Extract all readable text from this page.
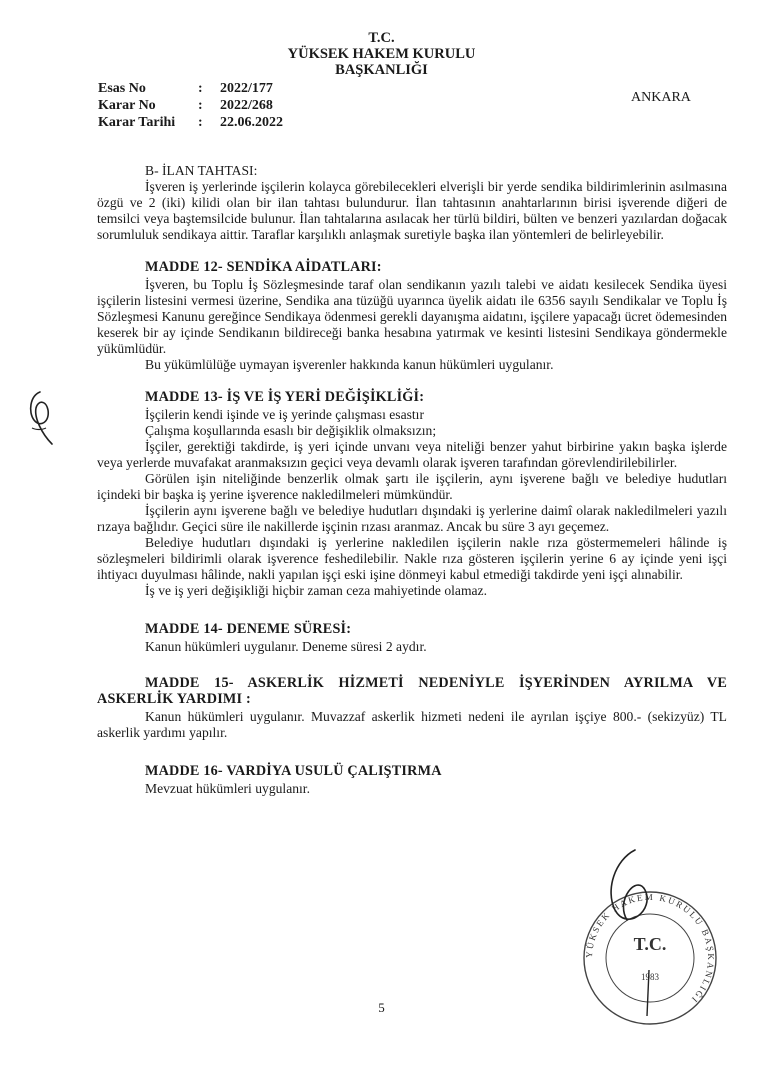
T.C.
YÜKSEK HAKEM KURULU
BAŞKANLIĞI
Esas No	:	2022/177
Karar No	:	2022/268
Karar Tarihi	:	22.06.2022
ANKARA

B- İLAN TAHTASI:

İşveren iş yerlerinde işçilerin kolayca görebilecekleri elverişli bir yerde sendika bildirimlerinin asılmasına özgü ve 2 (iki) kilidi olan bir ilan tahtası bulundurur. İlan tahtasının anahtarlarının birisi işverende diğeri de temsilci veya baştemsilcide bulunur. İlan tahtalarına asılacak her türlü bildiri, bülten ve benzeri yazılardan doğacak sorumluluk sendikaya aittir. Taraflar karşılıklı anlaşmak suretiyle başka ilan yöntemleri de belirleyebilir.

MADDE 12- SENDİKA AİDATLARI:

İşveren, bu Toplu İş Sözleşmesinde taraf olan sendikanın yazılı talebi ve aidatı kesilecek Sendika üyesi işçilerin listesini vermesi üzerine, Sendika ana tüzüğü uyarınca üyelik aidatı ile 6356 sayılı Sendikalar ve Toplu İş Sözleşmesi Kanunu gereğince Sendikaya ödenmesi gerekli dayanışma aidatını, işçilere yapacağı ücret ödemesinden keserek bir ay içinde Sendikanın bildireceği banka hesabına yatırmak ve kesinti listesini Sendikaya göndermekle yükümlüdür.

Bu yükümlülüğe uymayan işverenler hakkında kanun hükümleri uygulanır.

MADDE 13- İŞ VE İŞ YERİ DEĞİŞİKLİĞİ:

İşçilerin kendi işinde ve iş yerinde çalışması esastır

Çalışma koşullarında esaslı bir değişiklik olmaksızın;

İşçiler, gerektiği takdirde, iş yeri içinde unvanı veya niteliği benzer yahut birbirine yakın başka işlerde veya yerlerde muvafakat aranmaksızın geçici veya devamlı olarak işveren tarafından görevlendirilebilirler.

Görülen işin niteliğinde benzerlik olmak şartı ile işçilerin, aynı işverene bağlı ve belediye hudutları içindeki bir başka iş yerine işverence nakledilmeleri mümkündür.

İşçilerin aynı işverene bağlı ve belediye hudutları dışındaki iş yerlerine daimî olarak nakledilmeleri yazılı rızaya bağlıdır. Geçici süre ile nakillerde işçinin rızası aranmaz. Ancak bu süre 3 ayı geçemez.

Belediye hudutları dışındaki iş yerlerine nakledilen işçilerin nakle rıza göstermemeleri hâlinde iş sözleşmeleri bildirimli olarak işverence feshedilebilir. Nakle rıza gösteren işçilerin yerine 6 ay içinde yeni işçi ihtiyacı duyulması hâlinde, nakli yapılan işçi eski işine dönmeyi kabul etmediği takdirde yeni işçi alınabilir.

İş ve iş yeri değişikliği hiçbir zaman ceza mahiyetinde olamaz.

MADDE 14- DENEME SÜRESİ:

Kanun hükümleri uygulanır. Deneme süresi 2 aydır.

MADDE 15- ASKERLİK HİZMETİ NEDENİYLE İŞYERİNDEN AYRILMA VE ASKERLİK YARDIMI :

Kanun hükümleri uygulanır. Muvazzaf askerlik hizmeti nedeni ile ayrılan işçiye 800.- (sekizyüz) TL askerlik yardımı yapılır.

MADDE 16- VARDİYA USULÜ ÇALIŞTIRMA

Mevzuat hükümleri uygulanır.

YÜKSEK HAKEM KURULU BAŞKANLIĞI
T.C.
1983
5
